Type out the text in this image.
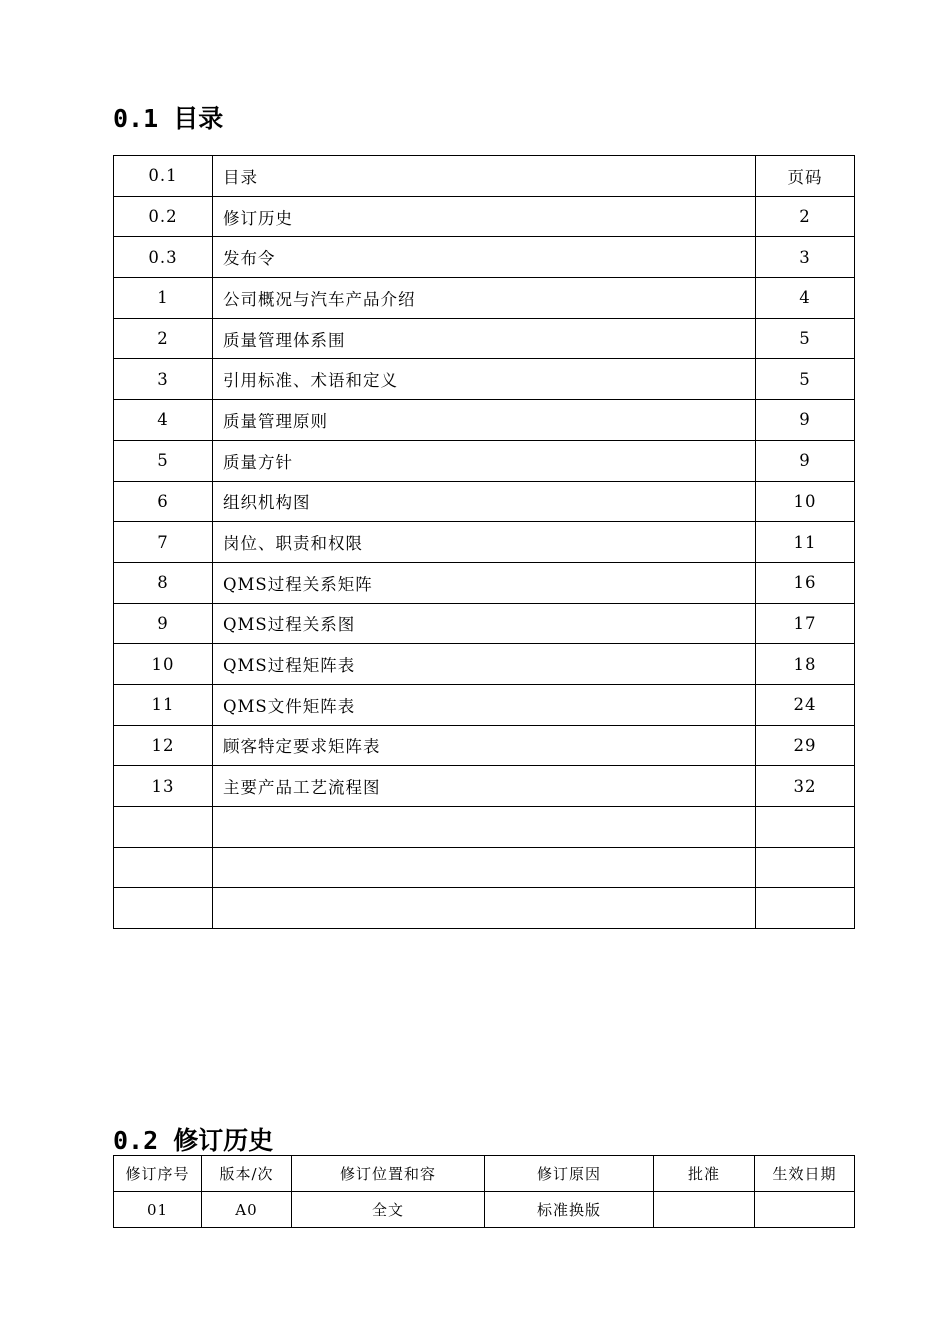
0.1 目录
0.1	目录	页码
0.2	修订历史	2
0.3	发布令	3
1	公司概况与汽车产品介绍	4
2	质量管理体系围	5
3	引用标准、术语和定义	5
4	质量管理原则	9
5	质量方针	9
6	组织机构图	10
7	岗位、职责和权限	11
8	QMS过程关系矩阵	16
9	QMS过程关系图	17
10	QMS过程矩阵表	18
11	QMS文件矩阵表	24
12	顾客特定要求矩阵表	29
13	主要产品工艺流程图	32

0.2 修订历史
修订序号	版本/次	修订位置和容	修订原因	批准	生效日期
01	A0	全文	标准换版		
